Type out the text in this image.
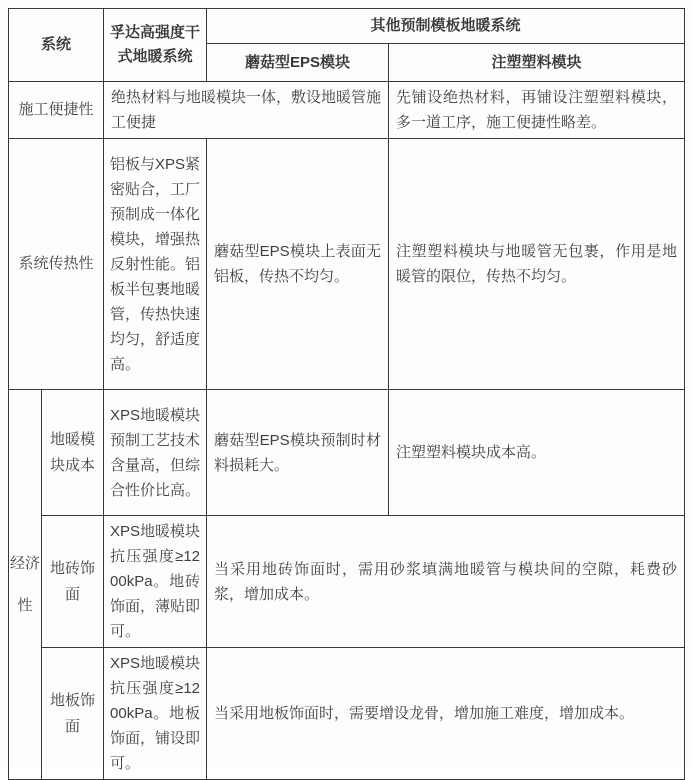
系统		孚达高强度干式地暖系统	其他预制模板地暖系统	
			蘑菇型EPS模块	注塑塑料模块
施工便捷性		绝热材料与地暖模块一体，敷设地暖管施工便捷		先铺设绝热材料，再铺设注塑塑料模块，多一道工序，施工便捷性略差。
系统传热性		铝板与XPS紧密贴合，工厂预制成一体化模块，增强热反射性能。铝板半包裹地暖管，传热快速均匀，舒适度高。	蘑菇型EPS模块上表面无铝板，传热不均匀。	注塑塑料模块与地暖管无包裹，作用是地暖管的限位，传热不均匀。
经济性	地暖模块成本	XPS地暖模块预制工艺技术含量高，但综合性价比高。	蘑菇型EPS模块预制时材料损耗大。	注塑塑料模块成本高。
	地砖饰面	XPS地暖模块抗压强度≥1200kPa。地砖饰面，薄贴即可。	当采用地砖饰面时，需用砂浆填满地暖管与模块间的空隙，耗费砂浆，增加成本。	
	地板饰面	XPS地暖模块抗压强度≥1200kPa。地板饰面，铺设即可。	当采用地板饰面时，需要增设龙骨，增加施工难度，增加成本。	
